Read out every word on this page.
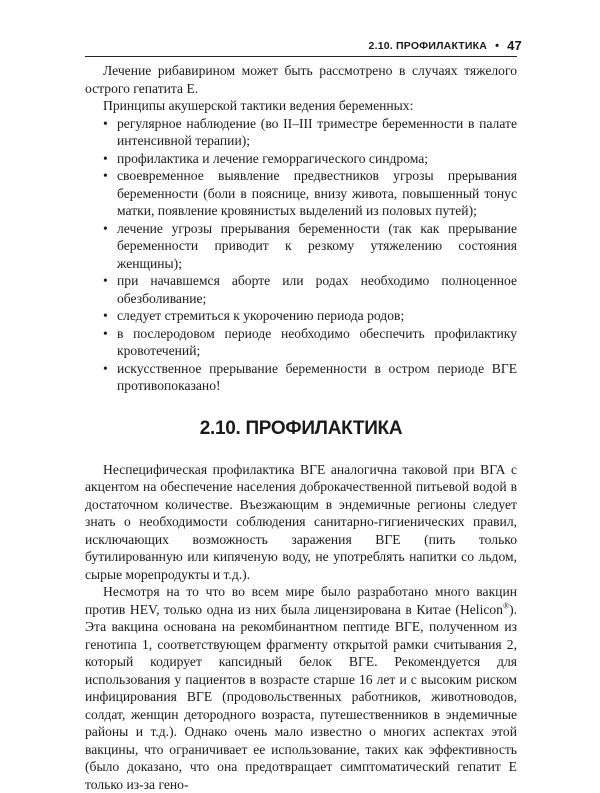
2.10. ПРОФИЛАКТИКА • 47

Лечение рибавирином может быть рассмотрено в случаях тяжелого острого гепатита Е.

Принципы акушерской тактики ведения беременных:

• регулярное наблюдение (во II–III триместре беременности в палате интенсивной терапии);
• профилактика и лечение геморрагического синдрома;
• своевременное выявление предвестников угрозы прерывания беременности (боли в пояснице, внизу живота, повышенный тонус матки, появление кровянистых выделений из половых путей);
• лечение угрозы прерывания беременности (так как прерывание беременности приводит к резкому утяжелению состояния женщины);
• при начавшемся аборте или родах необходимо полноценное обезболивание;
• следует стремиться к укорочению периода родов;
• в послеродовом периоде необходимо обеспечить профилактику кровотечений;
• искусственное прерывание беременности в остром периоде ВГЕ противопоказано!
2.10. ПРОФИЛАКТИКА

Неспецифическая профилактика ВГЕ аналогична таковой при ВГА с акцентом на обеспечение населения доброкачественной питьевой водой в достаточном количестве. Въезжающим в эндемичные регионы следует знать о необходимости соблюдения санитарно-гигиенических правил, исключающих возможность заражения ВГЕ (пить только бутилированную или кипяченую воду, не употреблять напитки со льдом, сырые морепродукты и т.д.).

Несмотря на то что во всем мире было разработано много вакцин против HEV, только одна из них была лицензирована в Китае (Helicon®). Эта вакцина основана на рекомбинантном пептиде ВГЕ, полученном из генотипа 1, соответствующем фрагменту открытой рамки считывания 2, который кодирует капсидный белок ВГЕ. Рекомендуется для использования у пациентов в возрасте старше 16 лет и с высоким риском инфицирования ВГЕ (продовольственных работников, животноводов, солдат, женщин детородного возраста, путешественников в эндемичные районы и т.д.). Однако очень мало известно о многих аспектах этой вакцины, что ограничивает ее использование, таких как эффективность (было доказано, что она предотвращает симптоматический гепатит Е только из-за гено-
